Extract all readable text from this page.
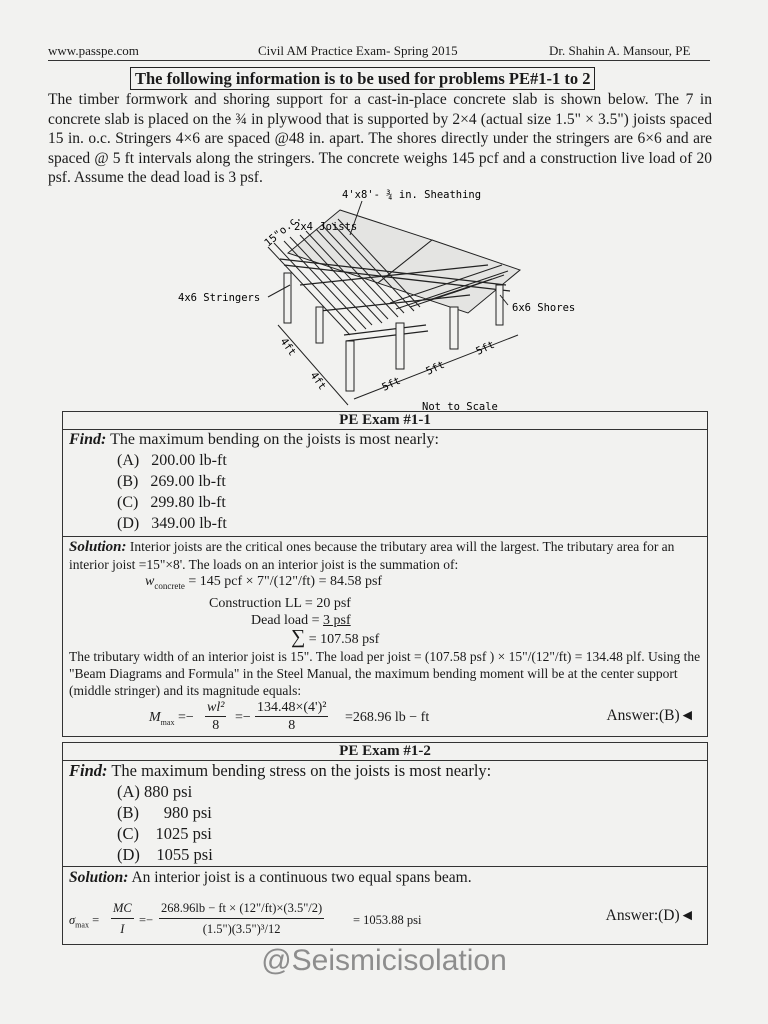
www.passpe.com	Civil AM Practice Exam- Spring 2015	Dr. Shahin A. Mansour, PE
The following information is to be used for problems PE#1-1 to 2

The timber formwork and shoring support for a cast-in-place concrete slab is shown below. The 7 in concrete slab is placed on the ¾ in plywood that is supported by 2×4 (actual size 1.5" × 3.5") joists spaced 15 in. o.c. Stringers 4×6 are spaced @48 in. apart. The shores directly under the stringers are 6×6 and are spaced @ 5 ft intervals along the stringers. The concrete weighs 145 pcf and a construction live load of 20 psf. Assume the dead load is 3 psf.

4'x8'- ¾ in. Sheathing
2x4 Joists
15"o.c.
4x6 Stringers
6x6 Shores
4ft
4ft	5ft
5ft
5ft
Not to Scale
PE Exam #1-1
Find: The maximum bending on the joists is most nearly:
(A)   200.00 lb-ft
(B)   269.00 lb-ft
(C)   299.80 lb-ft
(D)   349.00 lb-ft
Solution: Interior joists are the critical ones because the tributary area will the largest. The tributary area for an interior joist =15"×8'. The loads on an interior joist is the summation of:
$w_{concrete} = 145$ pcf × 7"/(12"/ft) = 84.58 psf
Construction LL = 20 psf
Dead load = 3 psf
∑ = 107.58 psf
The tributary width of an interior joist is 15". The load per joist = (107.58 psf ) × 15"/(12"/ft) = 134.48 plf. Using the "Beam Diagrams and Formula" in the Steel Manual, the maximum bending moment will be at the center support (middle stringer) and its magnitude equals:
$M_{max} =- \frac{\text{wl²}}{8} =- \frac{\text{134.48×(4')²}}{8} =268.96$ lb − ft	Answer:(B)◄
PE Exam #1-2
Find: The maximum bending stress on the joists is most nearly:
(A) 880 psi
(B)      980 psi
(C)    1025 psi
(D)    1055 psi
Solution: An interior joist is a continuous two equal spans beam.
$\sigma_{max} = \frac{MC}{I} =- \frac{268.96lb - ft \times (12"/ft)\times(3.5"/2)}{\text{(1.5")(3.5")³/12}} = 1053.88$ psi	Answer:(D)◄
@Seismicisolation
